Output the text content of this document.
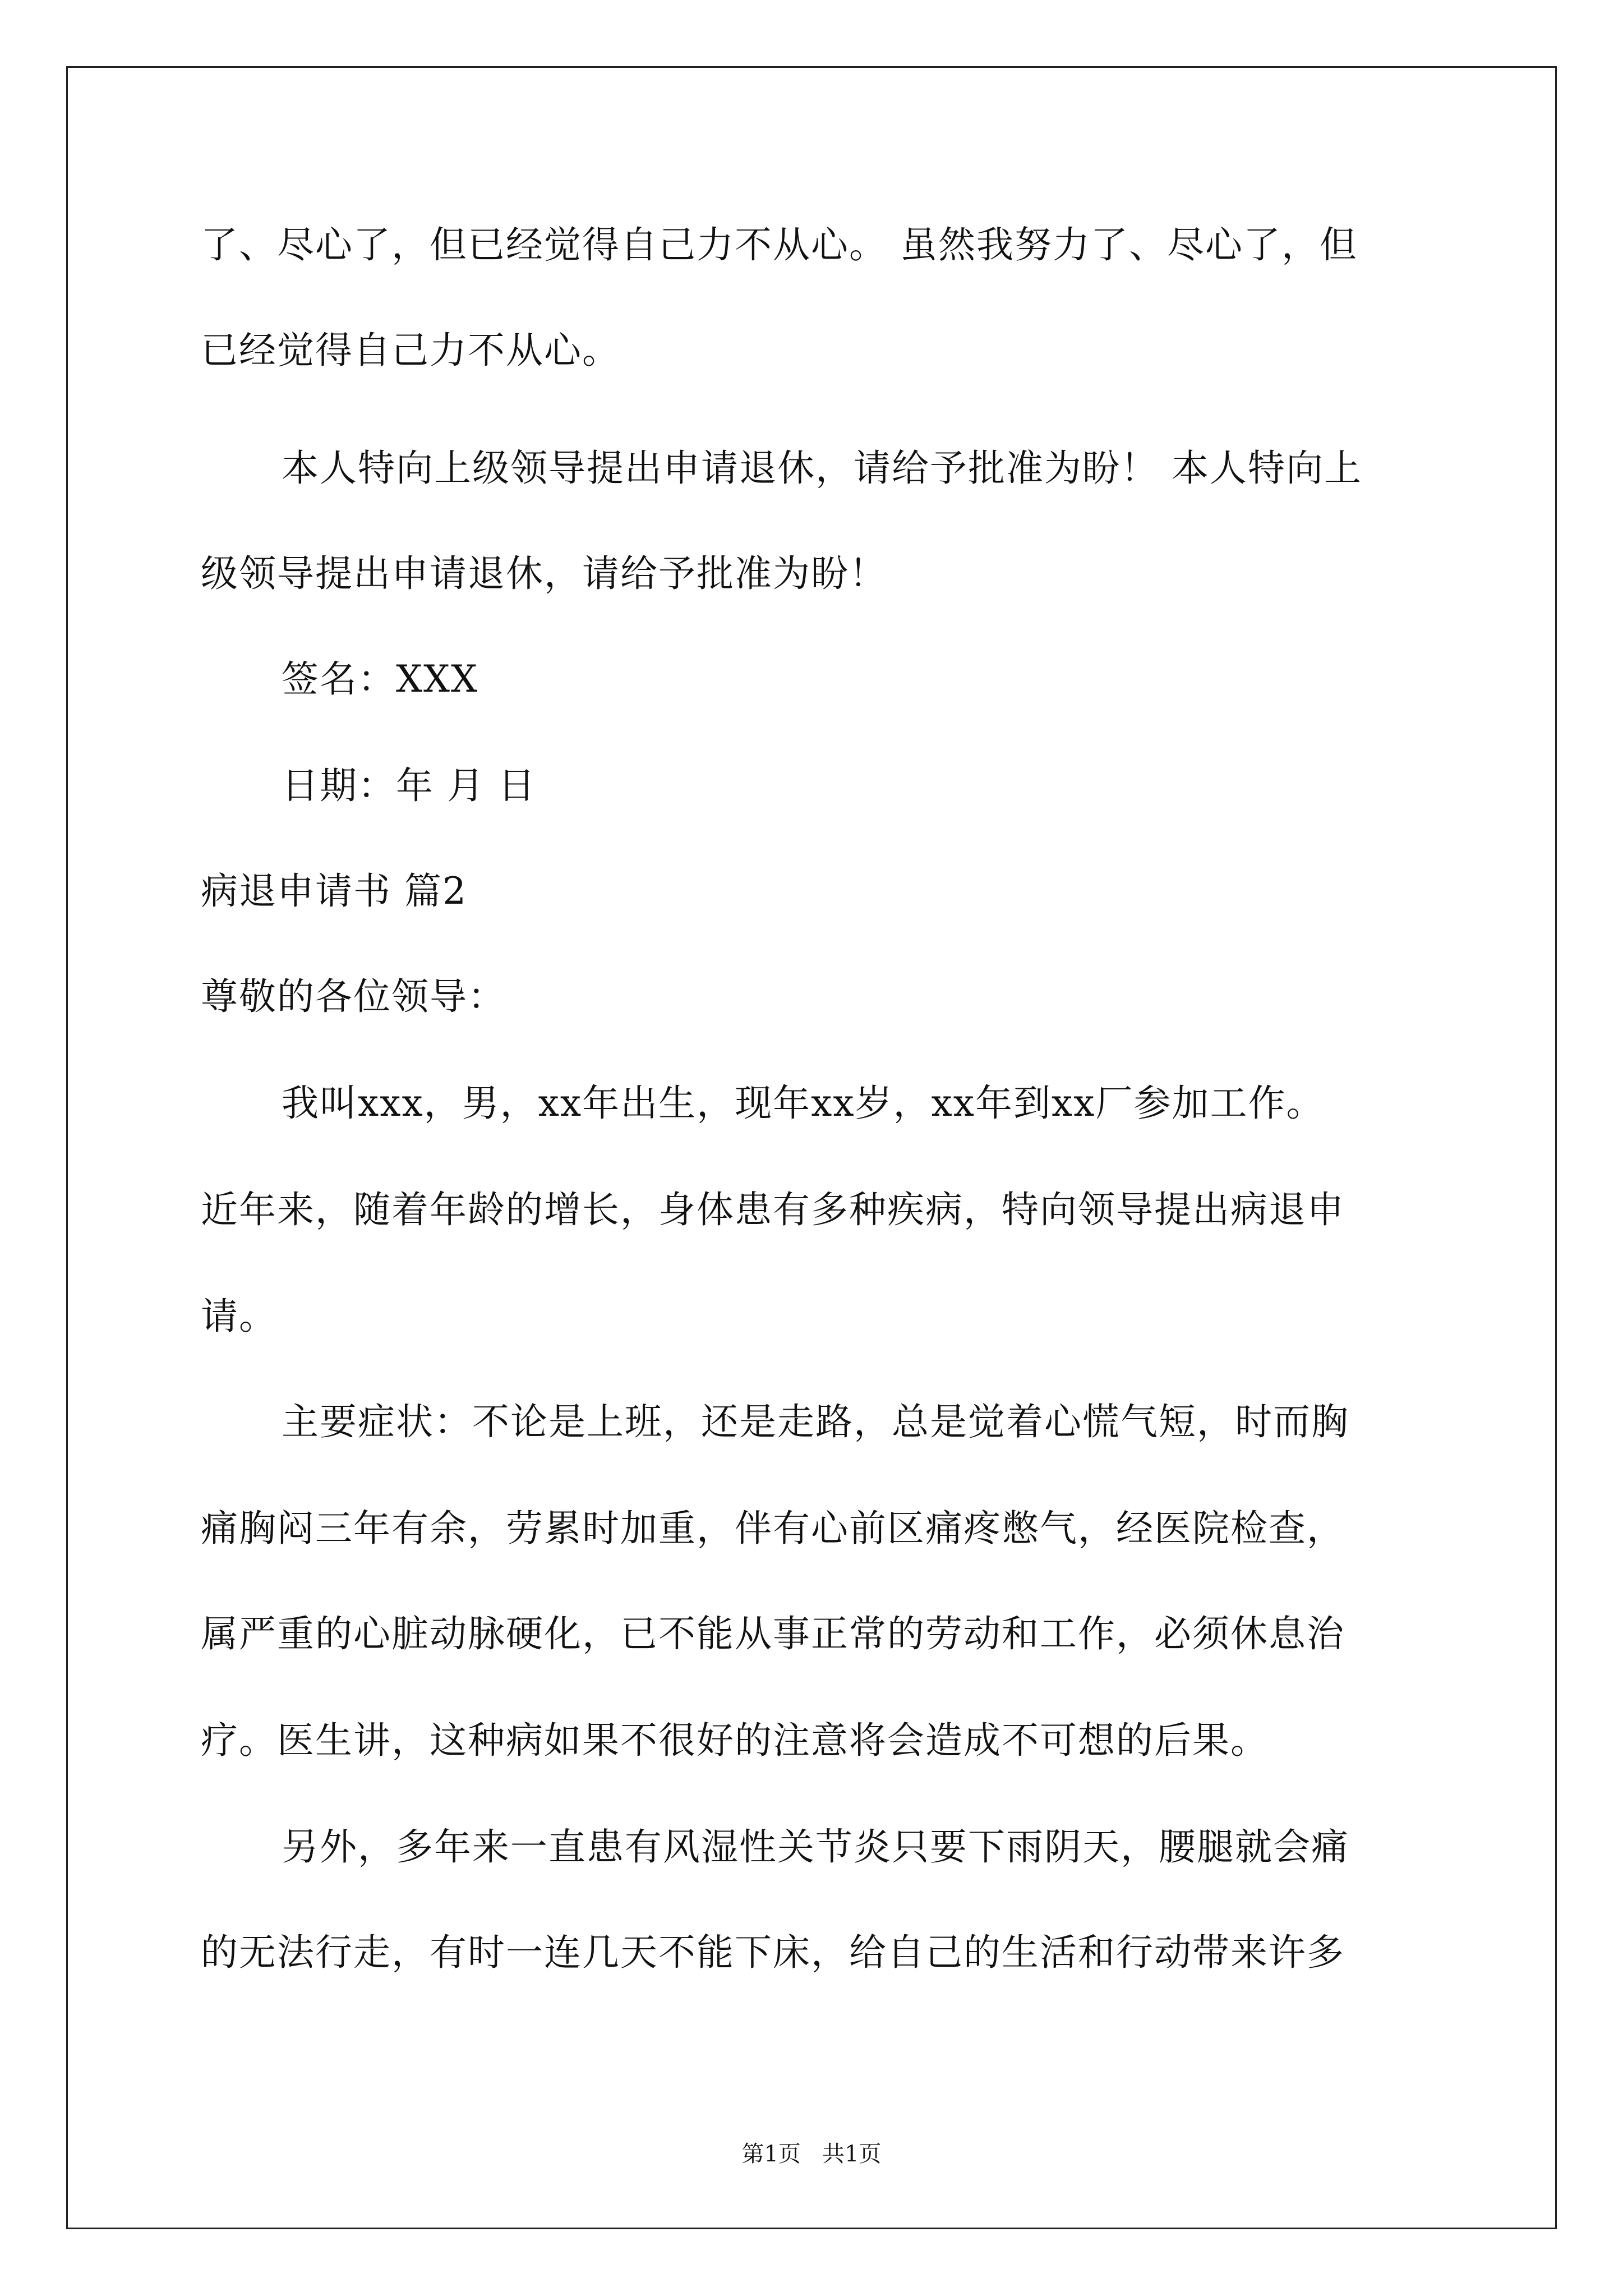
了、尽心了，但已经觉得自己力不从心。 虽然我努力了、尽心了，但
已经觉得自己力不从心。
本人特向上级领导提出申请退休，请给予批准为盼！ 本人特向上
级领导提出申请退休，请给予批准为盼！
签名：XXX
日期：年 月 日
病退申请书 篇2
尊敬的各位领导：
我叫xxx，男，xx年出生，现年xx岁，xx年到xx厂参加工作。
近年来，随着年龄的增长，身体患有多种疾病，特向领导提出病退申
请。
主要症状：不论是上班，还是走路，总是觉着心慌气短，时而胸
痛胸闷三年有余，劳累时加重，伴有心前区痛疼憋气，经医院检查，
属严重的心脏动脉硬化，已不能从事正常的劳动和工作，必须休息治
疗。医生讲，这种病如果不很好的注意将会造成不可想的后果。
另外，多年来一直患有风湿性关节炎只要下雨阴天，腰腿就会痛
的无法行走，有时一连几天不能下床，给自己的生活和行动带来许多
第1页   共1页
